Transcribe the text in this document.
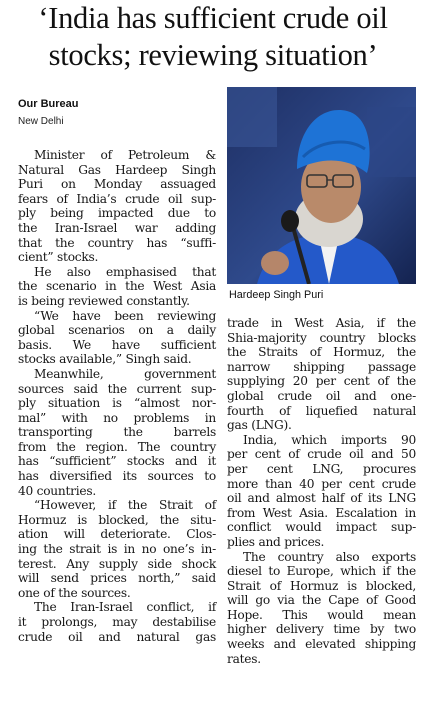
‘India has sufficient crude oil
stocks; reviewing situation’
Our Bureau
New Delhi
Minister of Petroleum &
Natural Gas Hardeep Singh
Puri on Monday assuaged
fears of India’s crude oil sup-
ply being impacted due to
the Iran-Israel war adding
that the country has “suffi-
cient” stocks.
He also emphasised that
the scenario in the West Asia
is being reviewed constantly.
“We have been reviewing
global scenarios on a daily
basis. We have sufficient
stocks available,” Singh said.
Meanwhile, government
sources said the current sup-
ply situation is “almost nor-
mal” with no problems in
transporting the barrels
from the region. The country
has “sufficient” stocks and it
has diversified its sources to
40 countries.
“However, if the Strait of
Hormuz is blocked, the situ-
ation will deteriorate. Clos-
ing the strait is in no one’s in-
terest. Any supply side shock
will send prices north,” said
one of the sources.
The Iran-Israel conflict, if
it prolongs, may destabilise
crude oil and natural gas
Hardeep Singh Puri
trade in West Asia, if the
Shia-majority country blocks
the Straits of Hormuz, the
narrow shipping passage
supplying 20 per cent of the
global crude oil and one-
fourth of liquefied natural
gas (LNG).
India, which imports 90
per cent of crude oil and 50
per cent LNG, procures
more than 40 per cent crude
oil and almost half of its LNG
from West Asia. Escalation in
conflict would impact sup-
plies and prices.
The country also exports
diesel to Europe, which if the
Strait of Hormuz is blocked,
will go via the Cape of Good
Hope. This would mean
higher delivery time by two
weeks and elevated shipping
rates.
